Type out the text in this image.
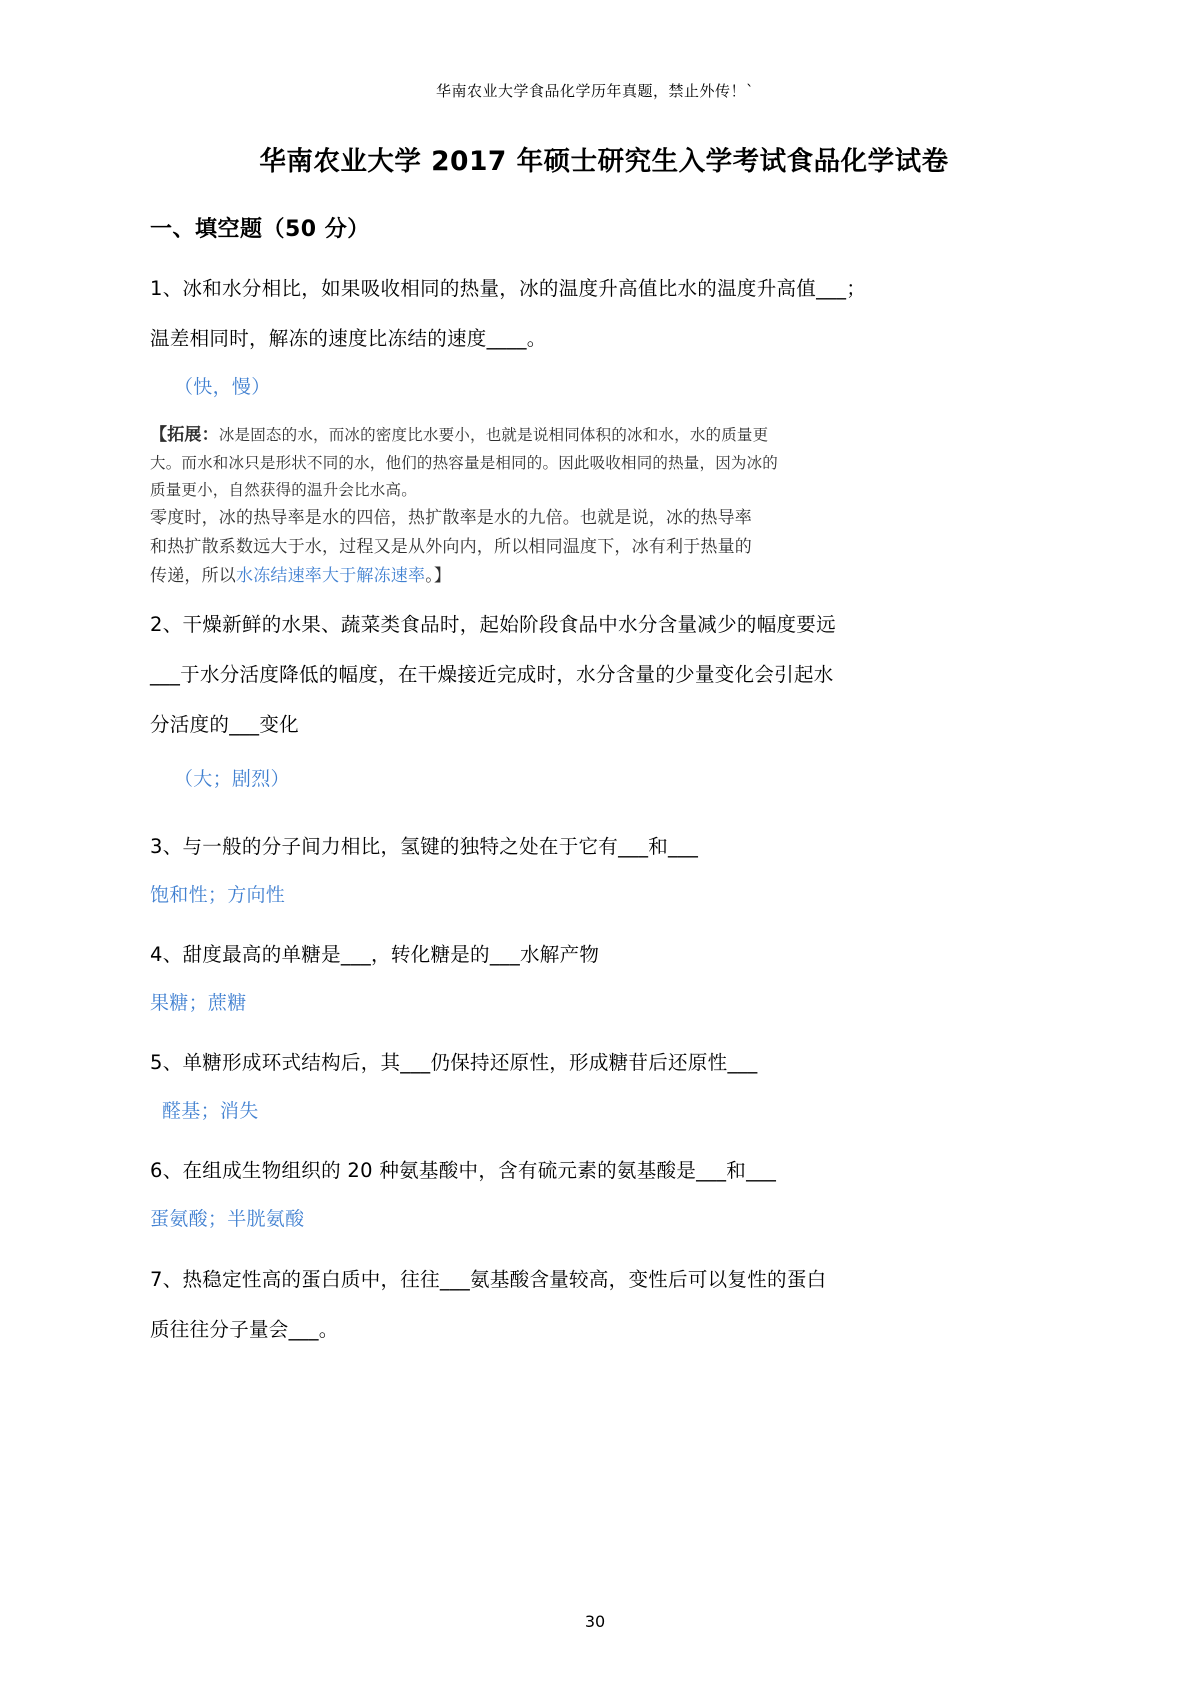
华南农业大学食品化学历年真题，禁止外传！`
华南农业大学 2017 年硕士研究生入学考试食品化学试卷
一、填空题（50 分）

1、冰和水分相比，如果吸收相同的热量，冰的温度升高值比水的温度升高值___；

温差相同时，解冻的速度比冻结的速度____。

（快，慢）

【拓展：冰是固态的水，而冰的密度比水要小，也就是说相同体积的冰和水，水的质量更
大。而水和冰只是形状不同的水，他们的热容量是相同的。因此吸收相同的热量，因为冰的
质量更小，自然获得的温升会比水高。
零度时，冰的热导率是水的四倍，热扩散率是水的九倍。也就是说，冰的热导率
和热扩散系数远大于水，过程又是从外向内，所以相同温度下，冰有利于热量的
传递，所以水冻结速率大于解冻速率。】

2、干燥新鲜的水果、蔬菜类食品时，起始阶段食品中水分含量减少的幅度要远

___于水分活度降低的幅度，在干燥接近完成时，水分含量的少量变化会引起水

分活度的___变化

（大；剧烈）

3、与一般的分子间力相比，氢键的独特之处在于它有___和___

饱和性；方向性

4、甜度最高的单糖是___，转化糖是的___水解产物

果糖；蔗糖

5、单糖形成环式结构后，其___仍保持还原性，形成糖苷后还原性___

醛基；消失

6、在组成生物组织的 20 种氨基酸中，含有硫元素的氨基酸是___和___

蛋氨酸；半胱氨酸

7、热稳定性高的蛋白质中，往往___氨基酸含量较高，变性后可以复性的蛋白

质往往分子量会___。

30
